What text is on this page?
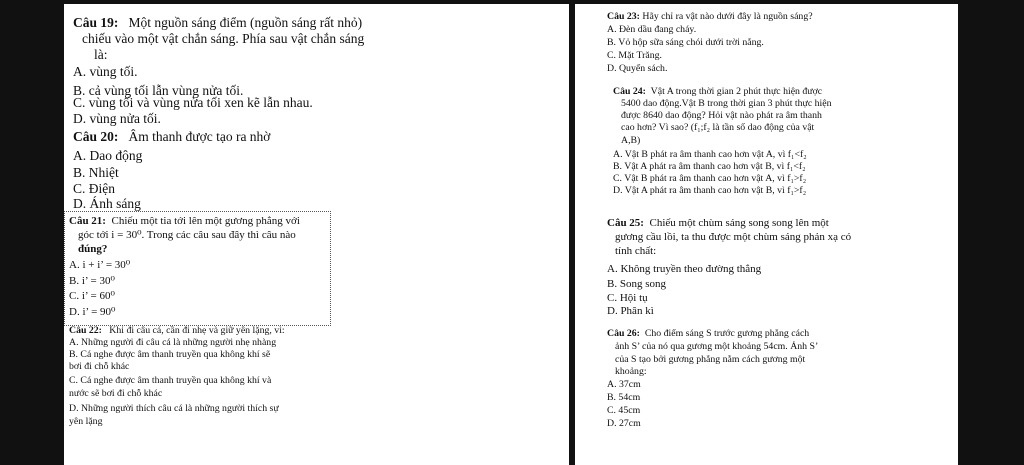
Câu 19: Một nguồn sáng điểm (nguồn sáng rất nhỏ)
chiếu vào một vật chắn sáng. Phía sau vật chắn sáng
là:
A. vùng tối.
B. cả vùng tối lẫn vùng nửa tối.
C. vùng tối và vùng nửa tối xen kẽ lẫn nhau.
D. vùng nửa tối.
Câu 20: Âm thanh được tạo ra nhờ
A. Dao động
B. Nhiệt
C. Điện
D. Ánh sáng
Câu 21: Chiếu một tia tới lên một gương phẳng với
góc tới i = 30⁰. Trong các câu sau đây thì câu nào
đúng?
A. i + i’ = 30⁰
B. i’ = 30⁰
C. i’ = 60⁰
D. i’ = 90⁰
Câu 22: Khi đi câu cá, cần đi nhẹ và giữ yên lặng, vì:
A. Những người đi câu cá là những người nhẹ nhàng
B. Cá nghe được âm thanh truyền qua không khí sẽ
bơi đi chỗ khác
C. Cá nghe được âm thanh truyền qua không khí và
nước sẽ bơi đi chỗ khác
D. Những người thích câu cá là những người thích sự
yên lặng
Câu 23: Hãy chỉ ra vật nào dưới đây là nguồn sáng?
A. Đèn dầu đang cháy.
B. Vỏ hộp sữa sáng chói dưới trời nắng.
C. Mặt Trăng.
D. Quyển sách.
Câu 24: Vật A trong thời gian 2 phút thực hiện được
5400 dao động.Vật B trong thời gian 3 phút thực hiện
được 8640 dao động? Hỏi vật nào phát ra âm thanh
cao hơn? Vì sao? (f₁;f₂ là tần số dao động của vật
A,B)
A. Vật B phát ra âm thanh cao hơn vật A, vì f₁<f₂
B. Vật A phát ra âm thanh cao hơn vật B, vì f₁<f₂
C. Vật B phát ra âm thanh cao hơn vật A, vì f₁>f₂
D. Vật A phát ra âm thanh cao hơn vật B, vì f₁>f₂
Câu 25: Chiếu một chùm sáng song song lên một
gương cầu lồi, ta thu được một chùm sáng phản xạ có
tính chất:
A. Không truyền theo đường thẳng
B. Song song
C. Hội tụ
D. Phân kì
Câu 26: Cho điểm sáng S trước gương phẳng cách
ảnh S’ của nó qua gương một khoảng 54cm. Ảnh S’
của S tạo bởi gương phẳng nằm cách gương một
khoảng:
A. 37cm
B. 54cm
C. 45cm
D. 27cm
